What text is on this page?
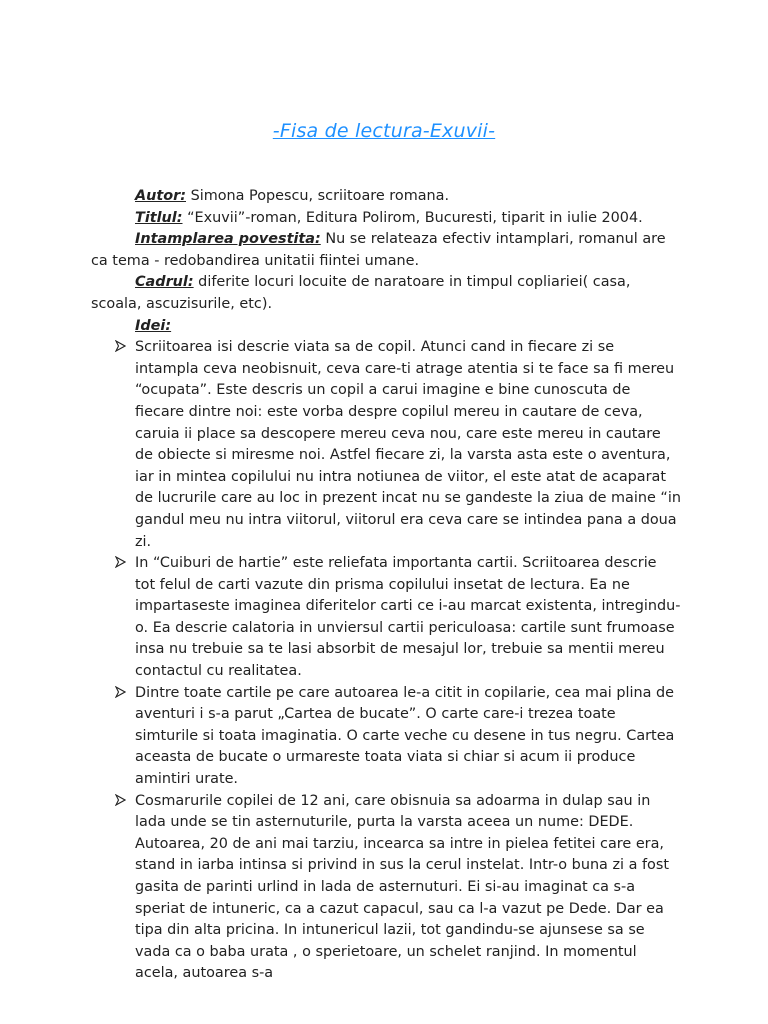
-Fisa de lectura-Exuvii-

Autor: Simona Popescu, scriitoare romana.

Titlul: “Exuvii”-roman, Editura Polirom, Bucuresti, tiparit in iulie 2004.

Intamplarea povestita: Nu se relateaza efectiv intamplari, romanul are ca tema - redobandirea unitatii fiintei umane.

Cadrul: diferite locuri locuite de naratoare in timpul copliariei( casa, scoala, ascuzisurile, etc).

Idei:

Scriitoarea isi descrie viata sa de copil. Atunci cand in fiecare zi se intampla ceva neobisnuit, ceva care-ti atrage atentia si te face sa fi mereu “ocupata”. Este descris un copil a carui imagine e bine cunoscuta de fiecare dintre noi: este vorba despre copilul mereu in cautare de ceva, caruia ii place sa descopere mereu ceva nou, care este mereu in cautare de obiecte si miresme noi. Astfel fiecare zi, la varsta asta este o aventura, iar in mintea copilului nu intra notiunea de viitor, el este atat de acaparat de lucrurile care au loc in prezent incat nu se gandeste la ziua de maine “in gandul meu nu intra viitorul, viitorul era ceva care se intindea pana a doua zi.
In “Cuiburi de hartie” este reliefata importanta cartii. Scriitoarea descrie tot felul de carti vazute din prisma copilului insetat de lectura. Ea ne impartaseste imaginea diferitelor carti ce i-au marcat existenta, intregindu-o. Ea descrie calatoria in unviersul cartii periculoasa: cartile sunt frumoase insa nu trebuie sa te lasi absorbit de mesajul lor, trebuie sa mentii mereu contactul cu realitatea.
Dintre toate cartile pe care autoarea le-a citit in copilarie, cea mai plina de aventuri i s-a parut „Cartea de bucate”. O carte care-i trezea toate simturile si toata imaginatia. O carte veche cu desene in tus negru. Cartea aceasta de bucate o urmareste toata viata si chiar si acum ii produce amintiri urate.
Cosmarurile copilei de 12 ani, care obisnuia sa adoarma in dulap sau in lada unde se tin asternuturile, purta la varsta aceea un nume: DEDE. Autoarea, 20 de ani mai tarziu, incearca sa intre in pielea fetitei care era, stand in iarba intinsa si privind in sus la cerul instelat. Intr-o buna zi a fost gasita de parinti urlind in lada de asternuturi. Ei si-au imaginat ca s-a speriat de intuneric, ca a cazut capacul, sau ca l-a vazut pe Dede. Dar ea tipa din alta pricina. In intunericul lazii, tot gandindu-se ajunsese sa se vada ca o baba urata , o sperietoare, un schelet ranjind. In momentul acela, autoarea s-a
